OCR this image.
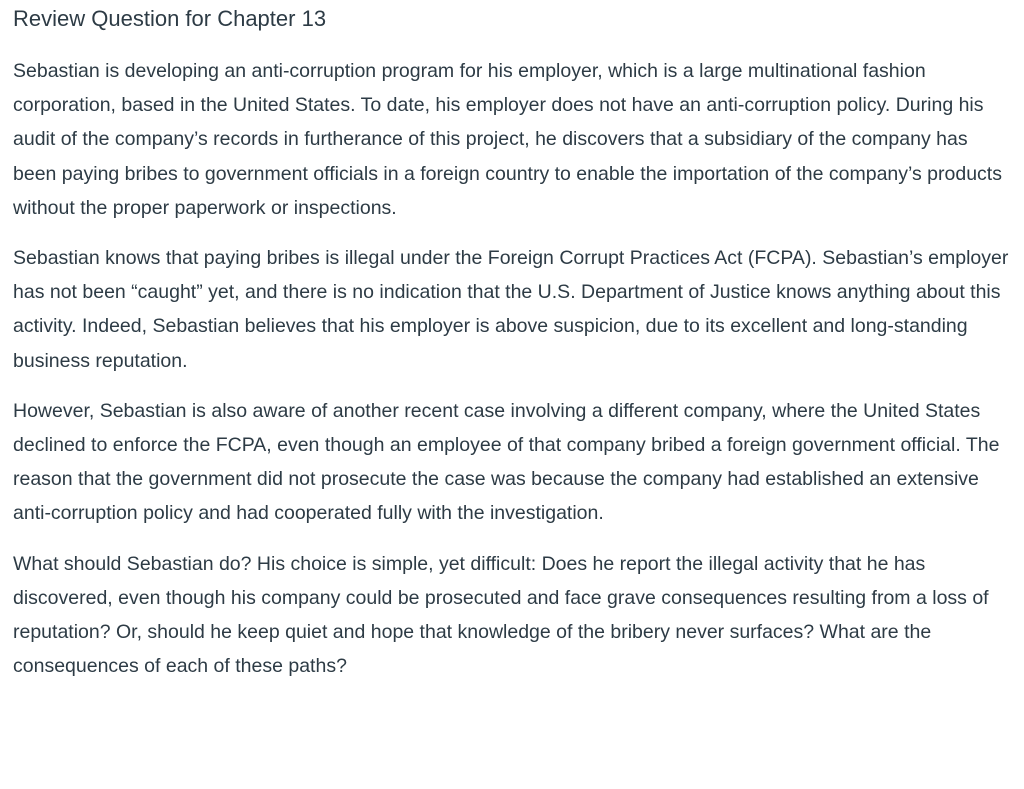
Review Question for Chapter 13

Sebastian is developing an anti-corruption program for his employer, which is a large multinational fashion corporation, based in the United States. To date, his employer does not have an anti-corruption policy. During his audit of the company’s records in furtherance of this project, he discovers that a subsidiary of the company has been paying bribes to government officials in a foreign country to enable the importation of the company’s products without the proper paperwork or inspections.

Sebastian knows that paying bribes is illegal under the Foreign Corrupt Practices Act (FCPA). Sebastian’s employer has not been “caught” yet, and there is no indication that the U.S. Department of Justice knows anything about this activity. Indeed, Sebastian believes that his employer is above suspicion, due to its excellent and long-standing business reputation.

However, Sebastian is also aware of another recent case involving a different company, where the United States declined to enforce the FCPA, even though an employee of that company bribed a foreign government official. The reason that the government did not prosecute the case was because the company had established an extensive anti-corruption policy and had cooperated fully with the investigation.

What should Sebastian do? His choice is simple, yet difficult: Does he report the illegal activity that he has discovered, even though his company could be prosecuted and face grave consequences resulting from a loss of reputation? Or, should he keep quiet and hope that knowledge of the bribery never surfaces? What are the consequences of each of these paths?
